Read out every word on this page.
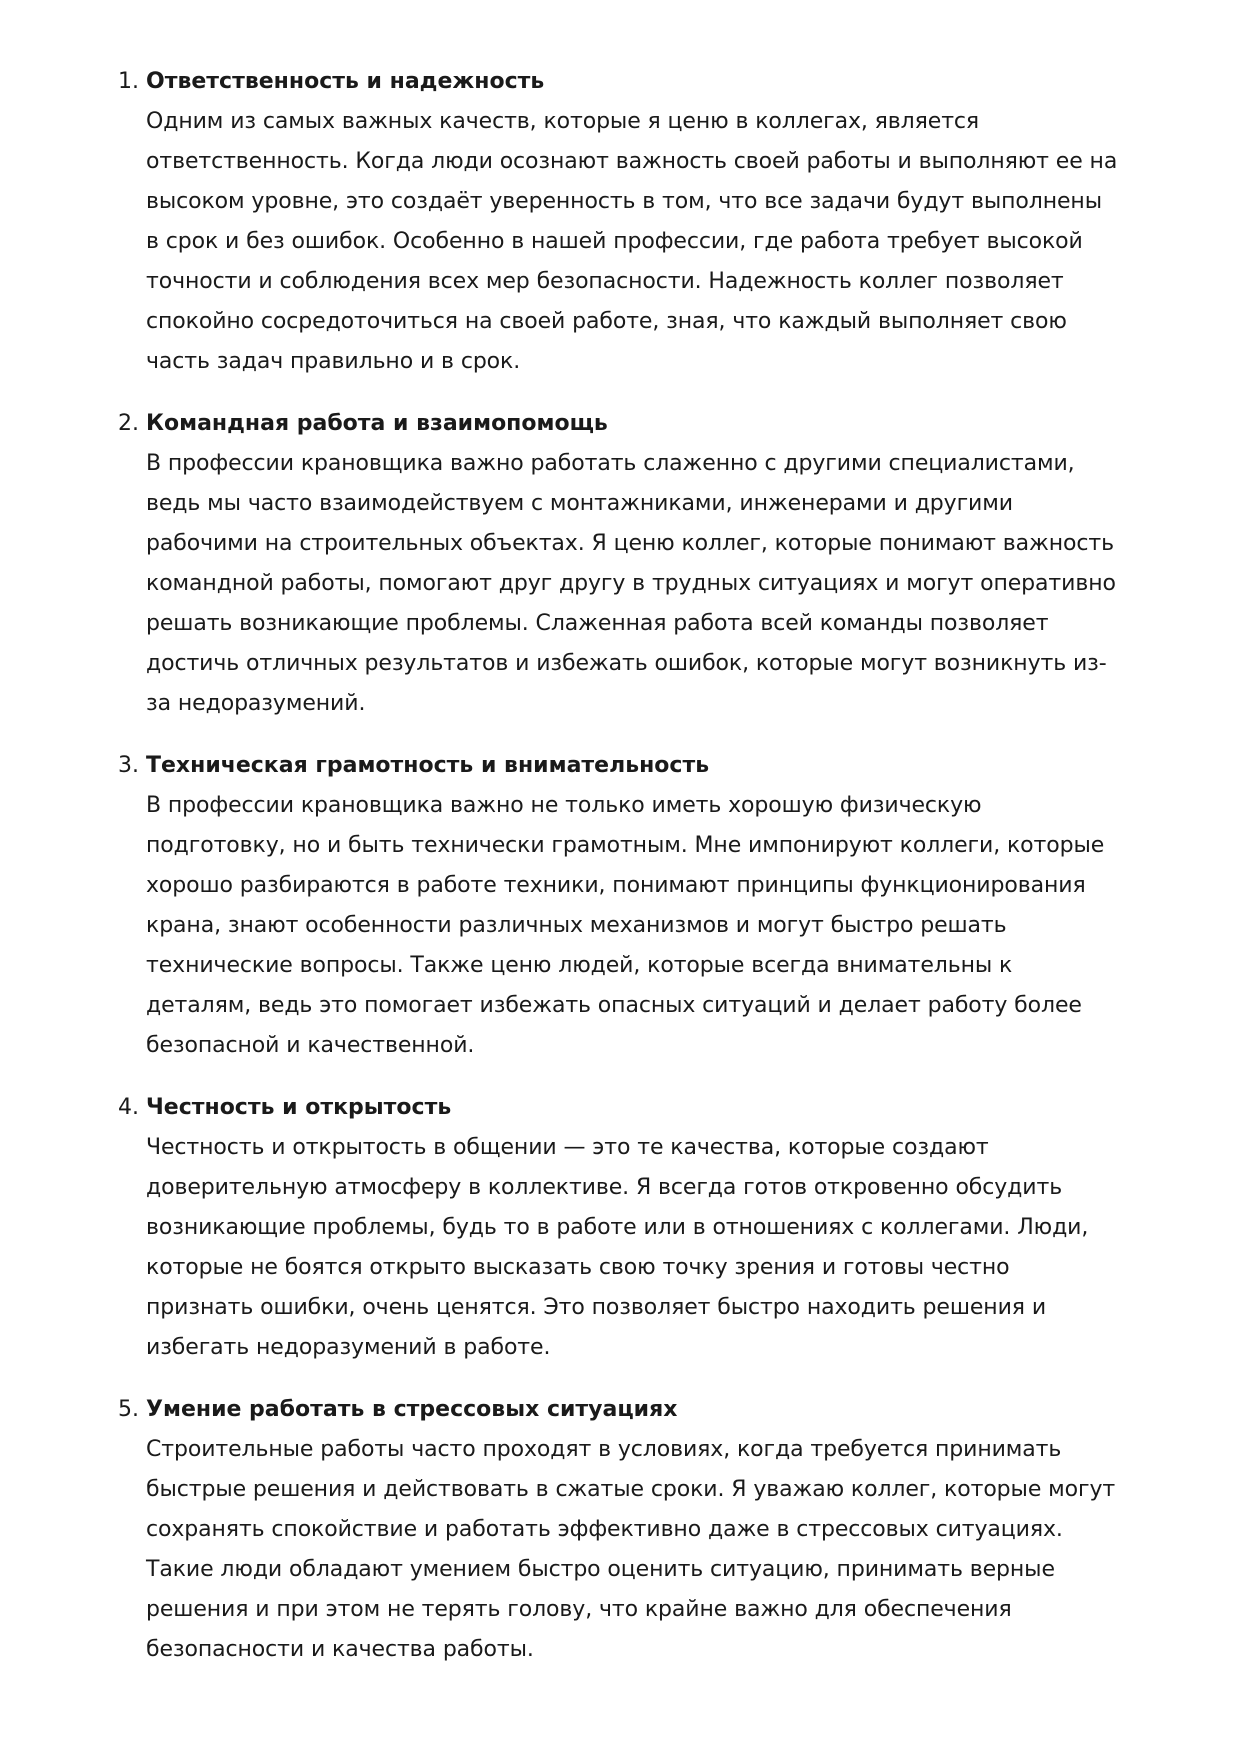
1. Ответственность и надежность

Одним из самых важных качеств, которые я ценю в коллегах, является ответственность. Когда люди осознают важность своей работы и выполняют ее на высоком уровне, это создаёт уверенность в том, что все задачи будут выполнены в срок и без ошибок. Особенно в нашей профессии, где работа требует высокой точности и соблюдения всех мер безопасности. Надежность коллег позволяет спокойно сосредоточиться на своей работе, зная, что каждый выполняет свою часть задач правильно и в срок.

2. Командная работа и взаимопомощь

В профессии крановщика важно работать слаженно с другими специалистами, ведь мы часто взаимодействуем с монтажниками, инженерами и другими рабочими на строительных объектах. Я ценю коллег, которые понимают важность командной работы, помогают друг другу в трудных ситуациях и могут оперативно решать возникающие проблемы. Слаженная работа всей команды позволяет достичь отличных результатов и избежать ошибок, которые могут возникнуть из-за недоразумений.

3. Техническая грамотность и внимательность

В профессии крановщика важно не только иметь хорошую физическую подготовку, но и быть технически грамотным. Мне импонируют коллеги, которые хорошо разбираются в работе техники, понимают принципы функционирования крана, знают особенности различных механизмов и могут быстро решать технические вопросы. Также ценю людей, которые всегда внимательны к деталям, ведь это помогает избежать опасных ситуаций и делает работу более безопасной и качественной.

4. Честность и открытость

Честность и открытость в общении — это те качества, которые создают доверительную атмосферу в коллективе. Я всегда готов откровенно обсудить возникающие проблемы, будь то в работе или в отношениях с коллегами. Люди, которые не боятся открыто высказать свою точку зрения и готовы честно признать ошибки, очень ценятся. Это позволяет быстро находить решения и избегать недоразумений в работе.

5. Умение работать в стрессовых ситуациях

Строительные работы часто проходят в условиях, когда требуется принимать быстрые решения и действовать в сжатые сроки. Я уважаю коллег, которые могут сохранять спокойствие и работать эффективно даже в стрессовых ситуациях. Такие люди обладают умением быстро оценить ситуацию, принимать верные решения и при этом не терять голову, что крайне важно для обеспечения безопасности и качества работы.
